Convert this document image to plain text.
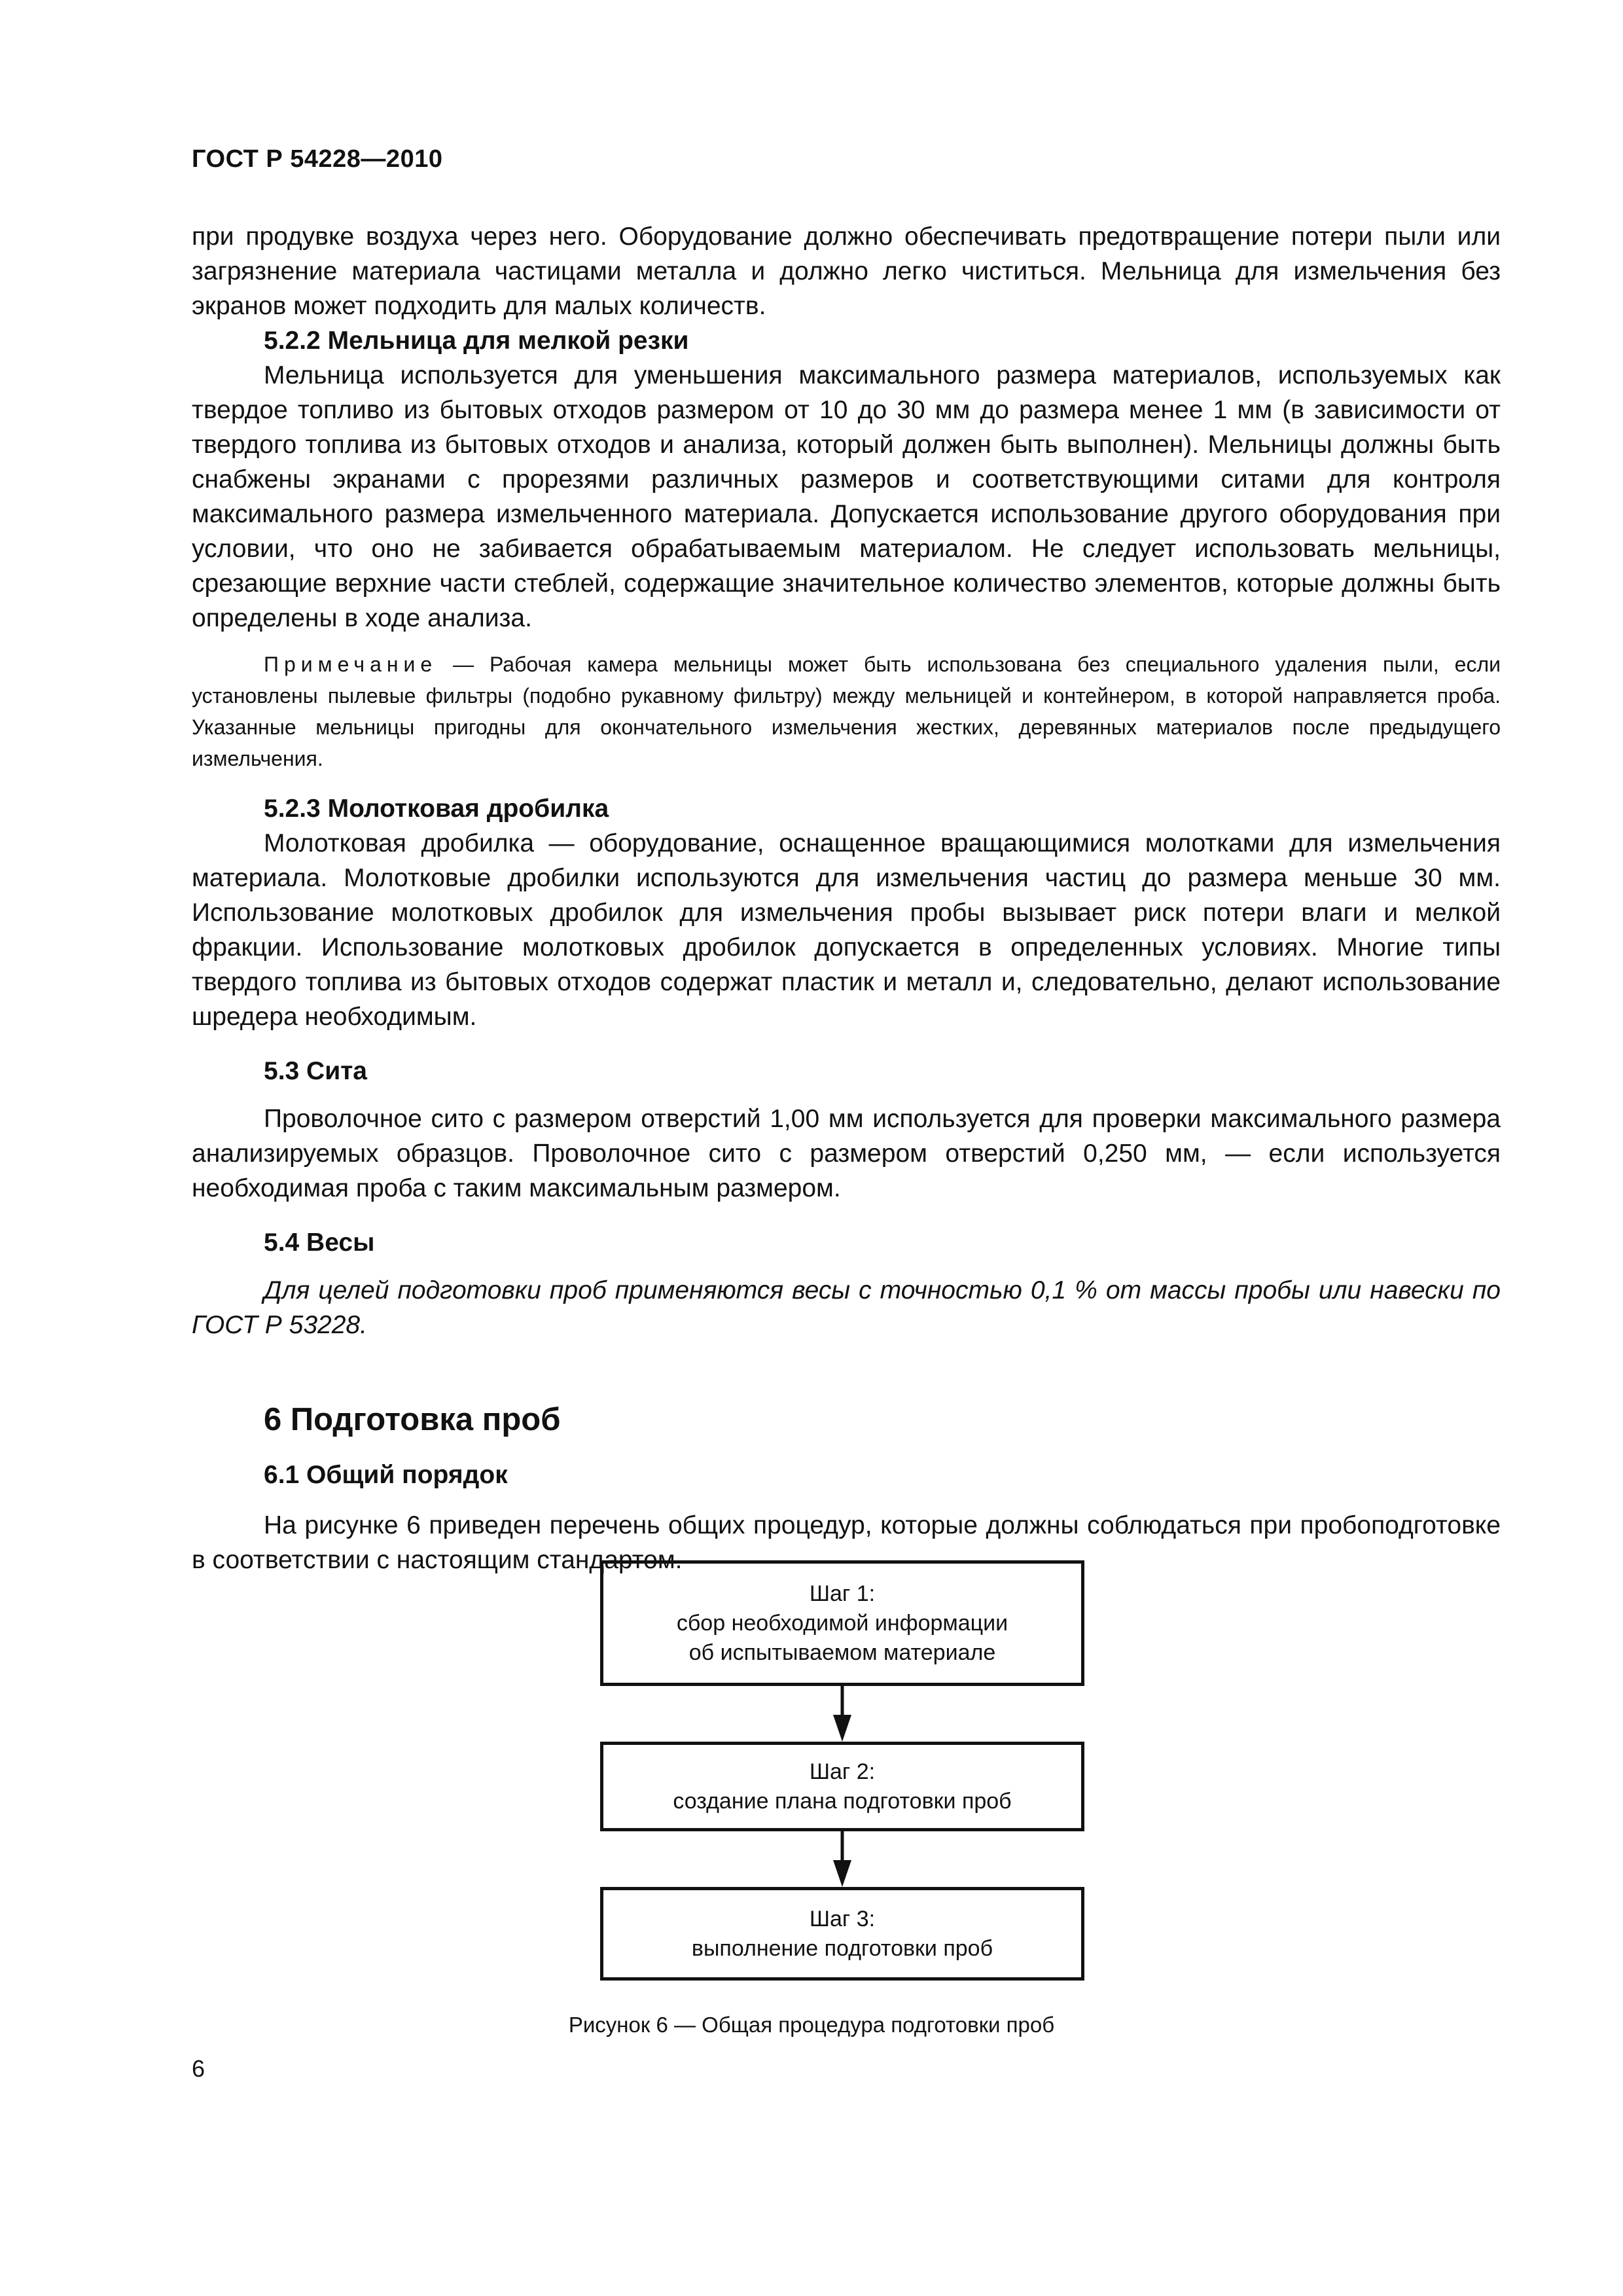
ГОСТ Р 54228—2010

при продувке воздуха через него. Оборудование должно обеспечивать предотвращение потери пыли или загрязнение материала частицами металла и должно легко чиститься. Мельница для измельчения без экранов может подходить для малых количеств.

5.2.2 Мельница для мелкой резки

Мельница используется для уменьшения максимального размера материалов, используемых как твердое топливо из бытовых отходов размером от 10 до 30 мм до размера менее 1 мм (в зависимости от твердого топлива из бытовых отходов и анализа, который должен быть выполнен). Мельницы должны быть снабжены экранами с прорезями различных размеров и соответствующими ситами для контроля максимального размера измельченного материала. Допускается использование другого оборудования при условии, что оно не забивается обрабатываемым материалом. Не следует использовать мельницы, срезающие верхние части стеблей, содержащие значительное количество элементов, которые должны быть определены в ходе анализа.

Примечание — Рабочая камера мельницы может быть использована без специального удаления пыли, если установлены пылевые фильтры (подобно рукавному фильтру) между мельницей и контейнером, в которой направляется проба. Указанные мельницы пригодны для окончательного измельчения жестких, деревянных материалов после предыдущего измельчения.
5.2.3 Молотковая дробилка

Молотковая дробилка — оборудование, оснащенное вращающимися молотками для измельчения материала. Молотковые дробилки используются для измельчения частиц до размера меньше 30 мм. Использование молотковых дробилок для измельчения пробы вызывает риск потери влаги и мелкой фракции. Использование молотковых дробилок допускается в определенных условиях. Многие типы твердого топлива из бытовых отходов содержат пластик и металл и, следовательно, делают использование шредера необходимым.

5.3 Сита

Проволочное сито с размером отверстий 1,00 мм используется для проверки максимального размера анализируемых образцов. Проволочное сито с размером отверстий 0,250 мм, — если используется необходимая проба с таким максимальным размером.

5.4 Весы

Для целей подготовки проб применяются весы с точностью 0,1 % от массы пробы или навески по ГОСТ Р 53228.

6 Подготовка проб
6.1 Общий порядок

На рисунке 6 приведен перечень общих процедур, которые должны соблюдаться при пробоподготовке в соответствии с настоящим стандартом.

Шаг 1:
сбор необходимой информации
об испытываемом материале
Шаг 2:
создание плана подготовки проб
Шаг 3:
выполнение подготовки проб
Рисунок 6 — Общая процедура подготовки проб
6
